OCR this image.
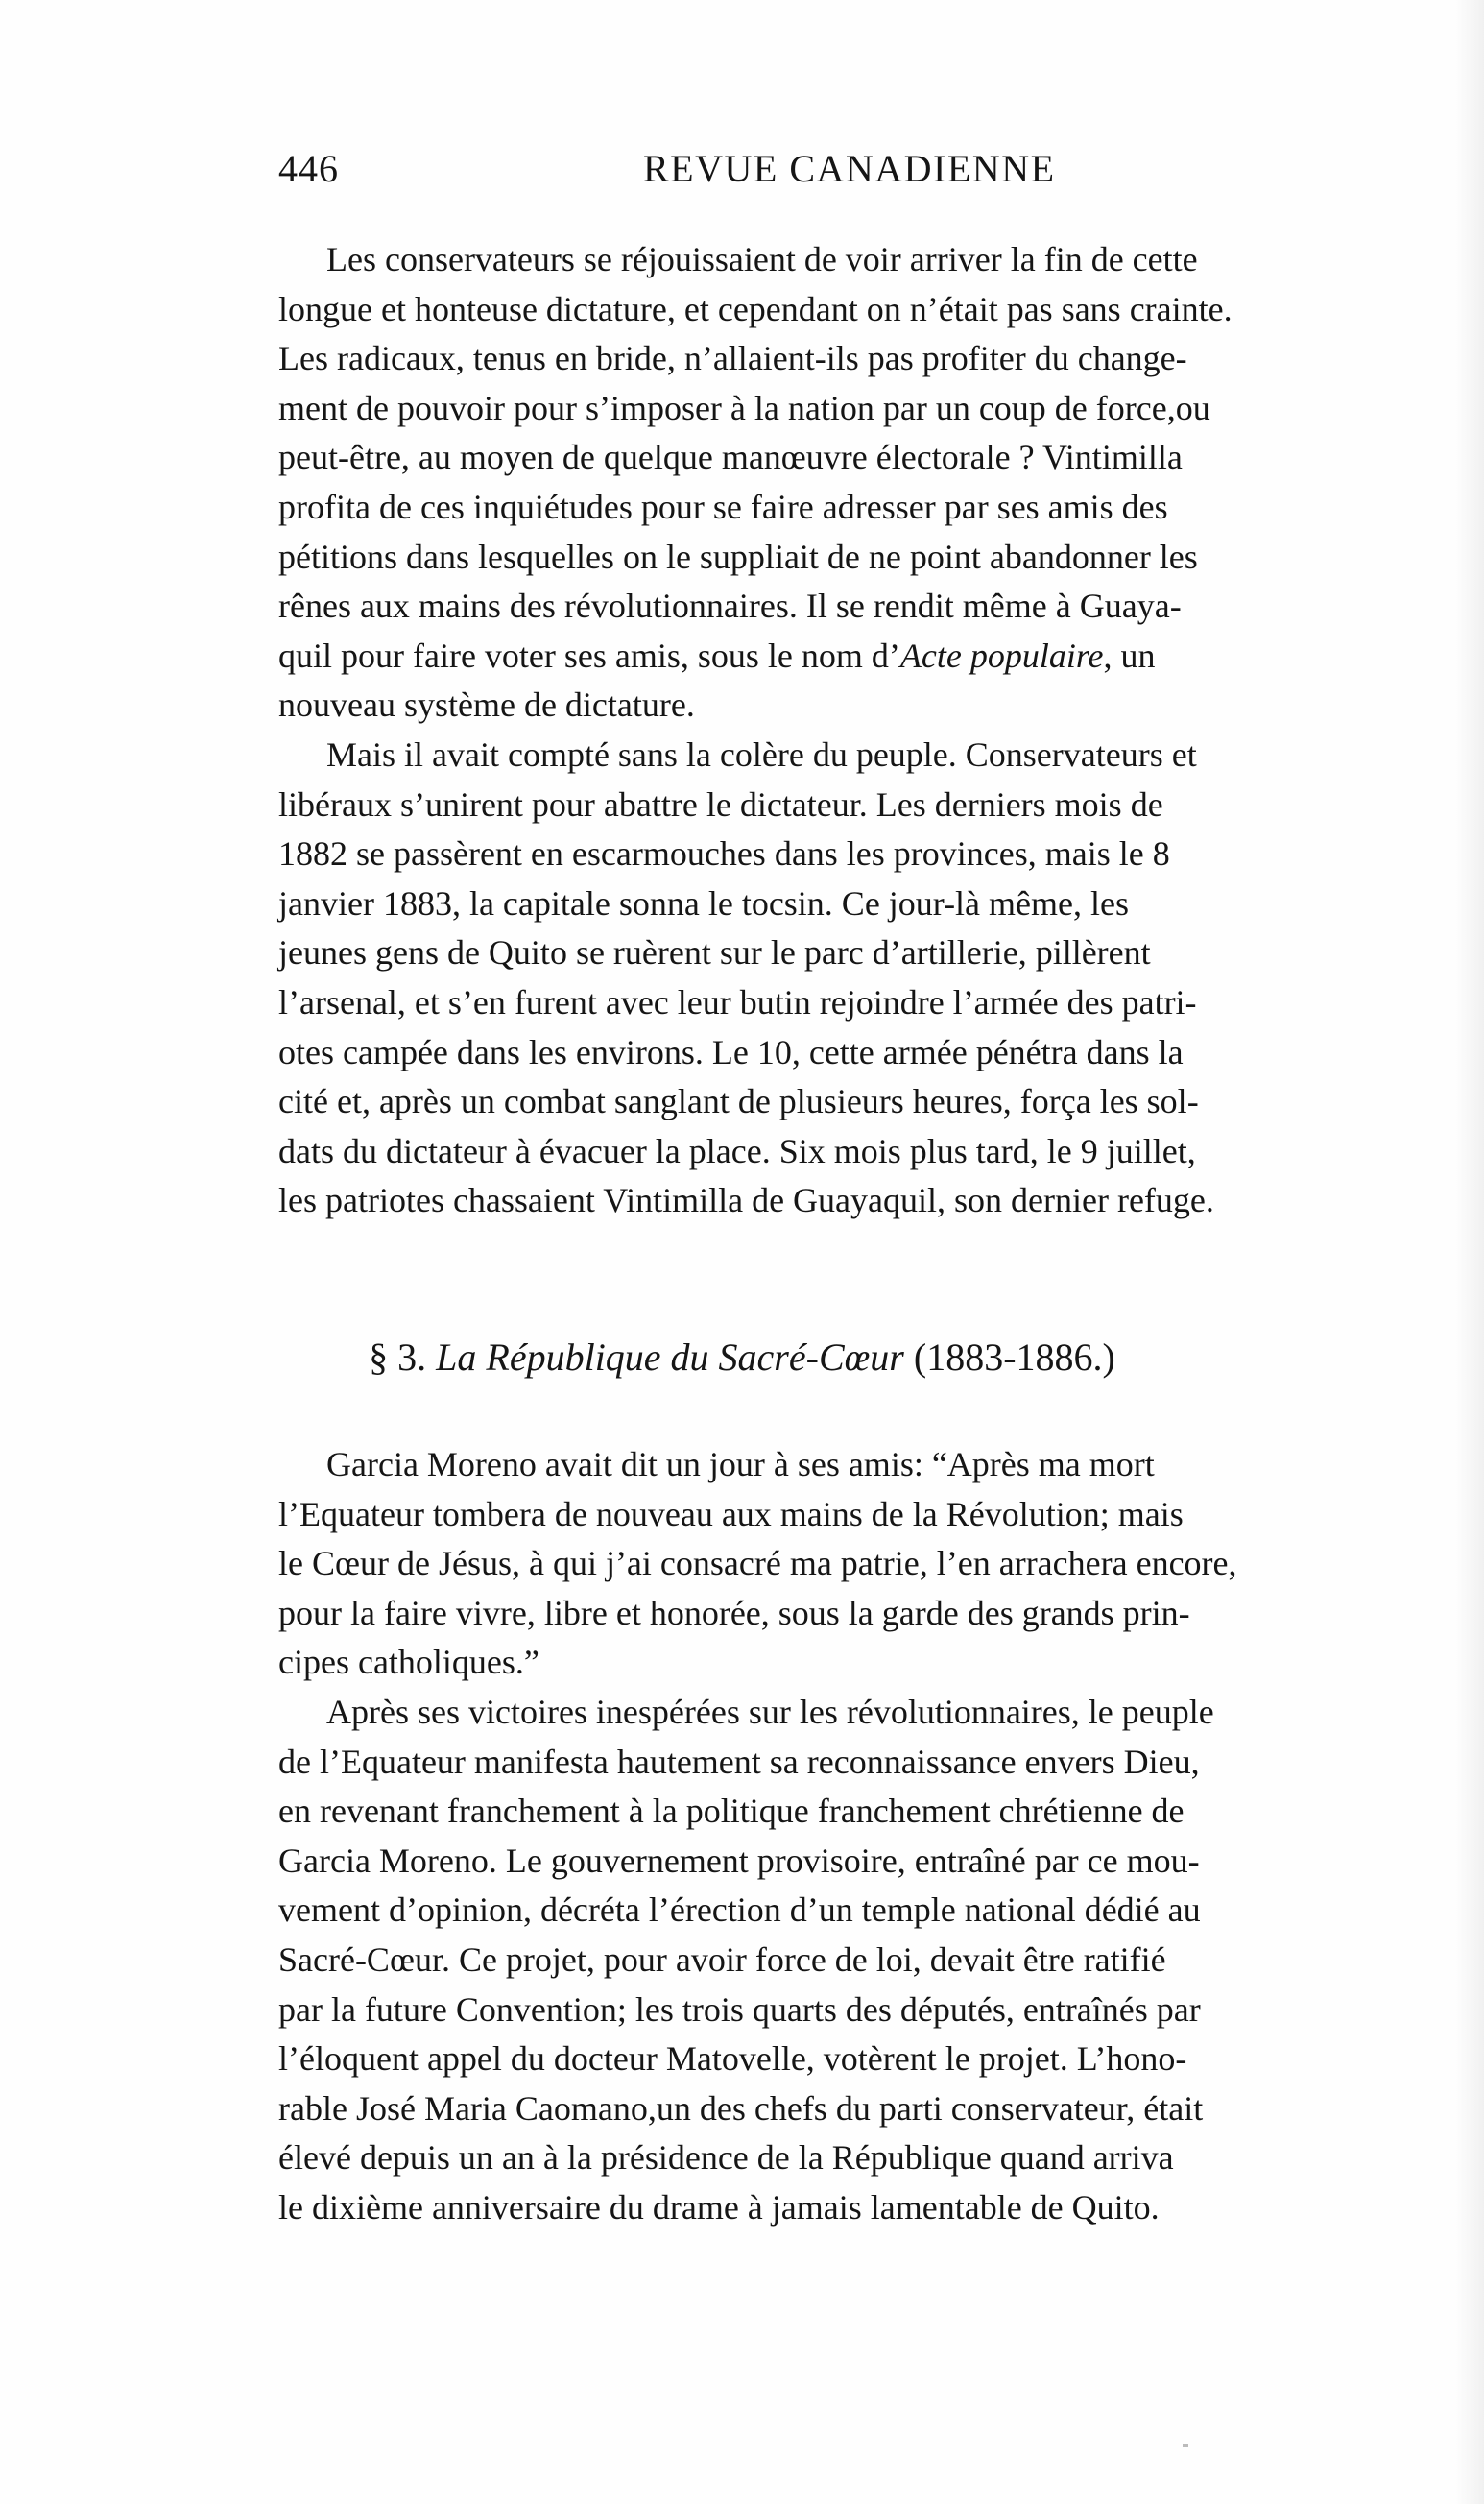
446	REVUE CANADIENNE

Les conservateurs se réjouissaient de voir arriver la fin de cette
longue et honteuse dictature, et cependant on n’était pas sans crainte.
Les radicaux, tenus en bride, n’allaient-ils pas profiter du change-
ment de pouvoir pour s’imposer à la nation par un coup de force,ou
peut-être, au moyen de quelque manœuvre électorale ? Vintimilla
profita de ces inquiétudes pour se faire adresser par ses amis des
pétitions dans lesquelles on le suppliait de ne point abandonner les
rênes aux mains des révolutionnaires. Il se rendit même à Guaya-
quil pour faire voter ses amis, sous le nom d’Acte populaire, un
nouveau système de dictature.

Mais il avait compté sans la colère du peuple. Conservateurs et
libéraux s’unirent pour abattre le dictateur. Les derniers mois de
1882 se passèrent en escarmouches dans les provinces, mais le 8
janvier 1883, la capitale sonna le tocsin. Ce jour-là même, les
jeunes gens de Quito se ruèrent sur le parc d’artillerie, pillèrent
l’arsenal, et s’en furent avec leur butin rejoindre l’armée des patri-
otes campée dans les environs. Le 10, cette armée pénétra dans la
cité et, après un combat sanglant de plusieurs heures, força les sol-
dats du dictateur à évacuer la place. Six mois plus tard, le 9 juillet,
les patriotes chassaient Vintimilla de Guayaquil, son dernier refuge.

§ 3. La République du Sacré-Cœur (1883-1886.)

Garcia Moreno avait dit un jour à ses amis: “Après ma mort
l’Equateur tombera de nouveau aux mains de la Révolution; mais
le Cœur de Jésus, à qui j’ai consacré ma patrie, l’en arrachera encore,
pour la faire vivre, libre et honorée, sous la garde des grands prin-
cipes catholiques.”

Après ses victoires inespérées sur les révolutionnaires, le peuple
de l’Equateur manifesta hautement sa reconnaissance envers Dieu,
en revenant franchement à la politique franchement chrétienne de
Garcia Moreno. Le gouvernement provisoire, entraîné par ce mou-
vement d’opinion, décréta l’érection d’un temple national dédié au
Sacré-Cœur. Ce projet, pour avoir force de loi, devait être ratifié
par la future Convention; les trois quarts des députés, entraînés par
l’éloquent appel du docteur Matovelle, votèrent le projet. L’hono-
rable José Maria Caomano,un des chefs du parti conservateur, était
élevé depuis un an à la présidence de la République quand arriva
le dixième anniversaire du drame à jamais lamentable de Quito.
